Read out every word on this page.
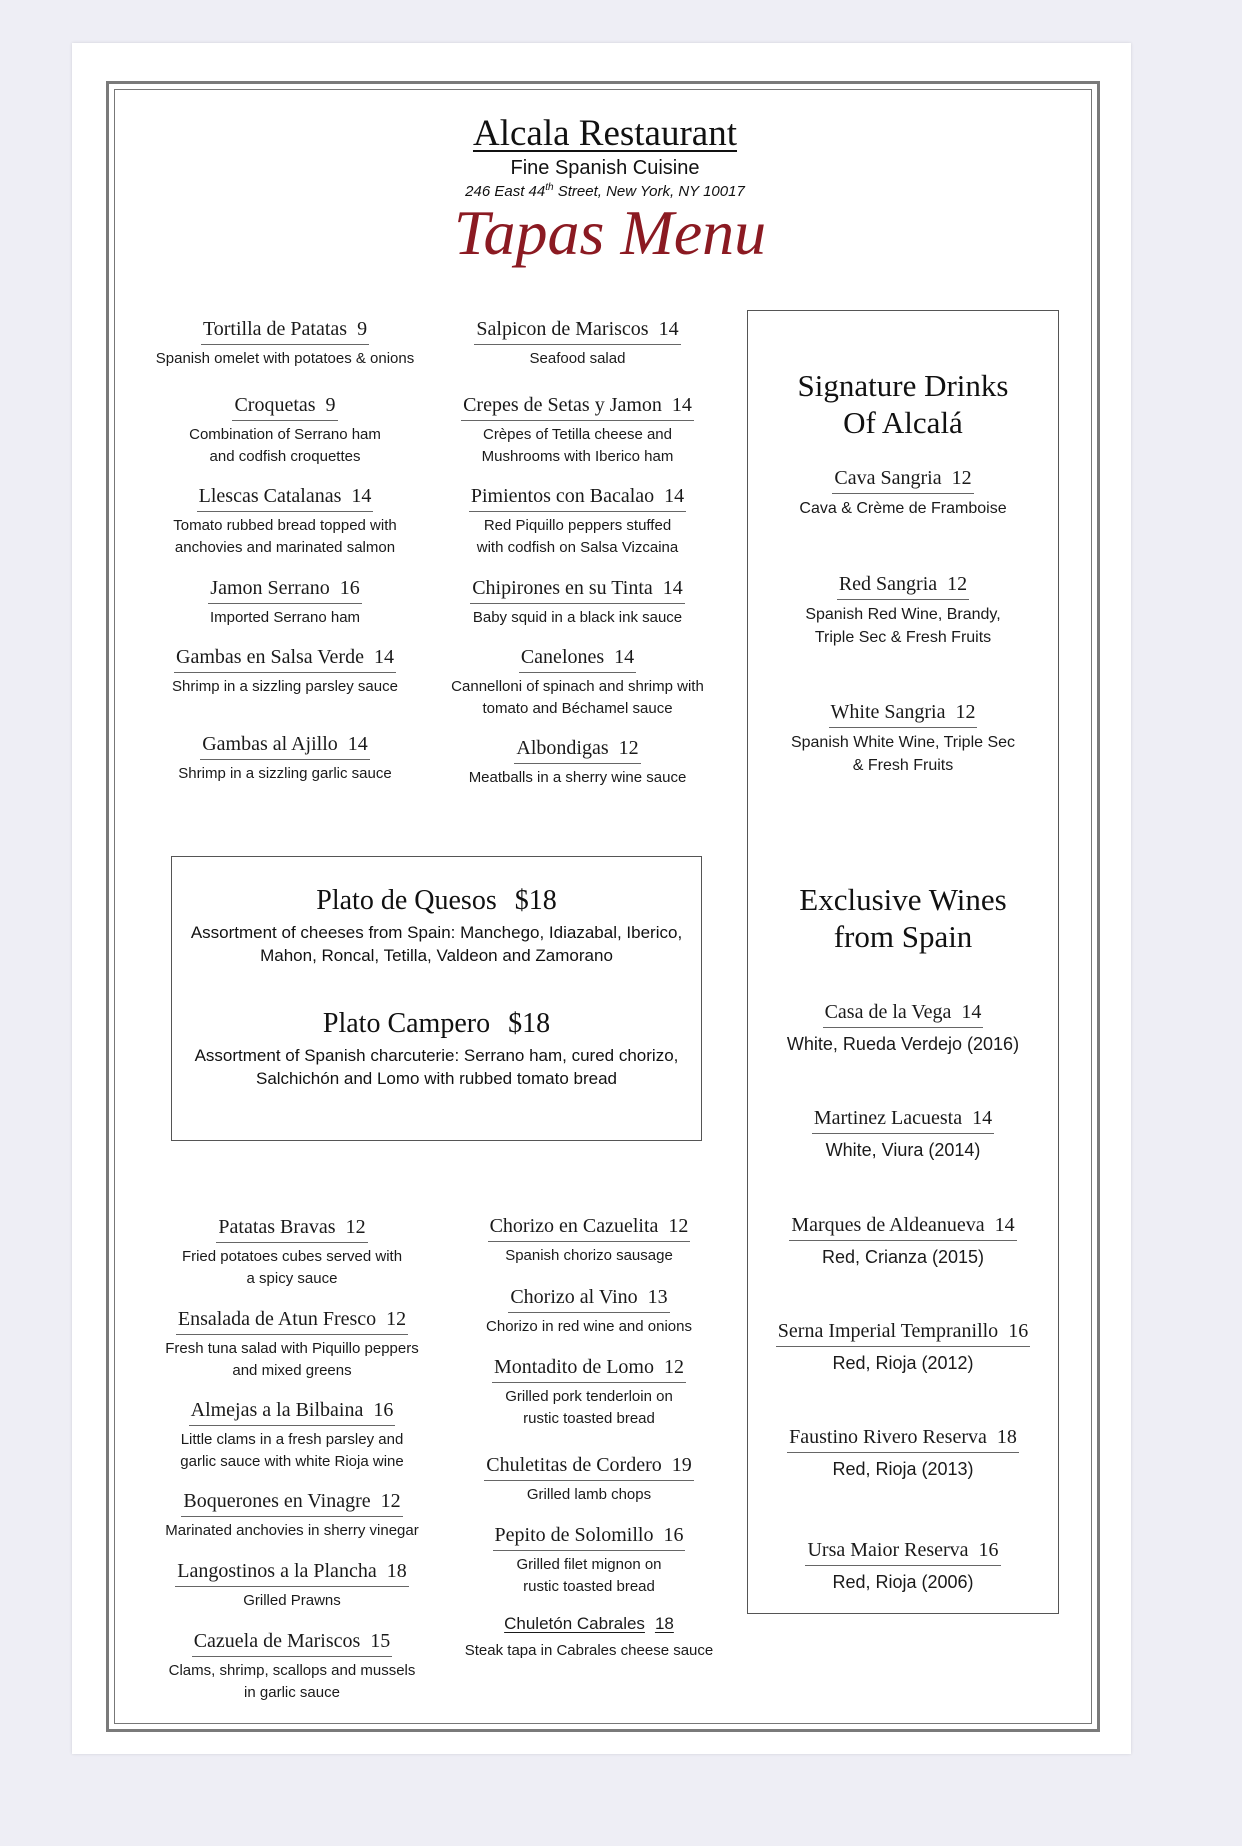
Alcala Restaurant
Fine Spanish Cuisine
246 East 44th Street, New York, NY 10017
Tapas Menu
Tortilla de Patatas 9
Spanish omelet with potatoes & onions
Croquetas 9
Combination of Serrano ham
and codfish croquettes
Llescas Catalanas 14
Tomato rubbed bread topped with
anchovies and marinated salmon
Jamon Serrano 16
Imported Serrano ham
Gambas en Salsa Verde 14
Shrimp in a sizzling parsley sauce
Gambas al Ajillo 14
Shrimp in a sizzling garlic sauce
Salpicon de Mariscos 14
Seafood salad
Crepes de Setas y Jamon 14
Crèpes of Tetilla cheese and
Mushrooms with Iberico ham
Pimientos con Bacalao 14
Red Piquillo peppers stuffed
with codfish on Salsa Vizcaina
Chipirones en su Tinta 14
Baby squid in a black ink sauce
Canelones 14
Cannelloni of spinach and shrimp with
tomato and Béchamel sauce
Albondigas 12
Meatballs in a sherry wine sauce
Plato de Quesos $18
Assortment of cheeses from Spain: Manchego, Idiazabal, Iberico,
Mahon, Roncal, Tetilla, Valdeon and Zamorano
Plato Campero $18
Assortment of Spanish charcuterie: Serrano ham, cured chorizo,
Salchichón and Lomo with rubbed tomato bread
Patatas Bravas 12
Fried potatoes cubes served with
a spicy sauce
Ensalada de Atun Fresco 12
Fresh tuna salad with Piquillo peppers
and mixed greens
Almejas a la Bilbaina 16
Little clams in a fresh parsley and
garlic sauce with white Rioja wine
Boquerones en Vinagre 12
Marinated anchovies in sherry vinegar
Langostinos a la Plancha 18
Grilled Prawns
Cazuela de Mariscos 15
Clams, shrimp, scallops and mussels
in garlic sauce
Chorizo en Cazuelita 12
Spanish chorizo sausage
Chorizo al Vino 13
Chorizo in red wine and onions
Montadito de Lomo 12
Grilled pork tenderloin on
rustic toasted bread
Chuletitas de Cordero 19
Grilled lamb chops
Pepito de Solomillo 16
Grilled filet mignon on
rustic toasted bread
Chuletón Cabrales 18
Steak tapa in Cabrales cheese sauce
Signature Drinks
Of Alcalá
Cava Sangria 12
Cava & Crème de Framboise
Red Sangria 12
Spanish Red Wine, Brandy,
Triple Sec & Fresh Fruits
White Sangria 12
Spanish White Wine, Triple Sec
& Fresh Fruits
Exclusive Wines
from Spain
Casa de la Vega 14
White, Rueda Verdejo (2016)
Martinez Lacuesta 14
White, Viura (2014)
Marques de Aldeanueva 14
Red, Crianza (2015)
Serna Imperial Tempranillo 16
Red, Rioja (2012)
Faustino Rivero Reserva 18
Red, Rioja (2013)
Ursa Maior Reserva 16
Red, Rioja (2006)
